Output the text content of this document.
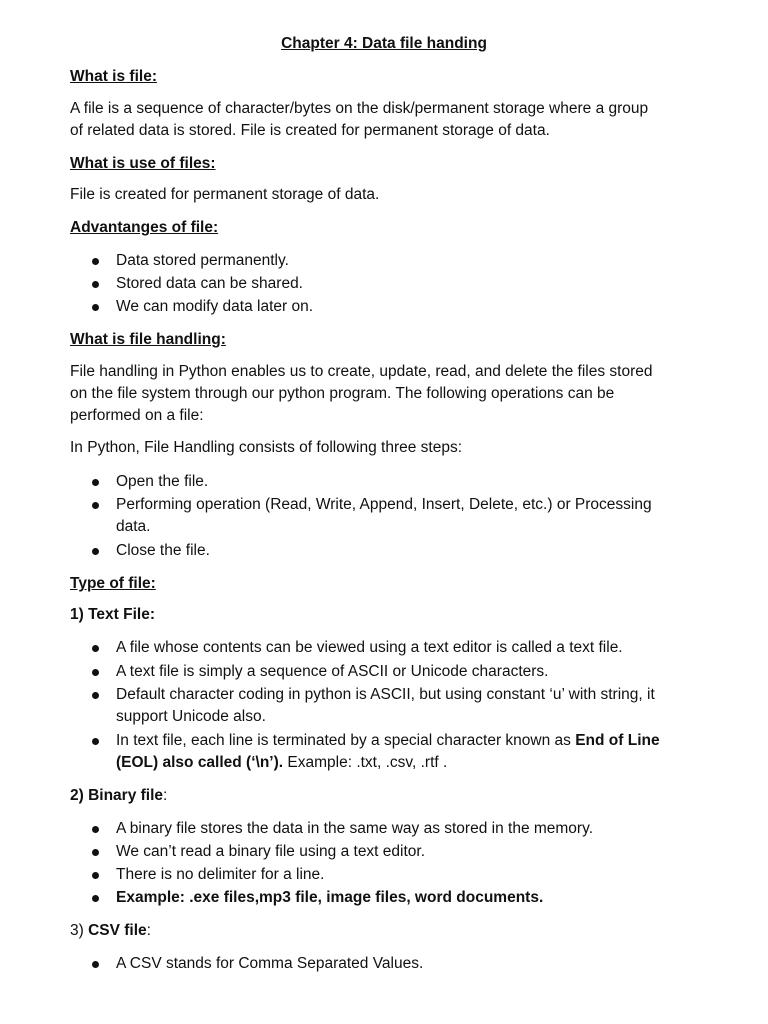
Chapter 4: Data file handing
What is file:
A file is a sequence of character/bytes on the disk/permanent storage where a group
of related data is stored. File is created for permanent storage of data.
What is use of files:
File is created for permanent storage of data.
Advantanges of file:
Data stored permanently.
Stored data can be shared.
We can modify data later on.
What is file handling:
File handling in Python enables us to create, update, read, and delete the files stored
on the file system through our python program. The following operations can be
performed on a file:
In Python, File Handling consists of following three steps:
Open the file.
Performing operation (Read, Write, Append, Insert, Delete, etc.) or Processing
data.
Close the file.
Type of file:
1) Text File:
A file whose contents can be viewed using a text editor is called a text file.
A text file is simply a sequence of ASCII or Unicode characters.
Default character coding in python is ASCII, but using constant ‘u’ with string, it
support Unicode also.
In text file, each line is terminated by a special character known as End of Line
(EOL) also called (‘\n’). Example: .txt, .csv, .rtf .
2) Binary file:
A binary file stores the data in the same way as stored in the memory.
We can’t read a binary file using a text editor.
There is no delimiter for a line.
Example: .exe files,mp3 file, image files, word documents.
3) CSV file:
A CSV stands for Comma Separated Values.
